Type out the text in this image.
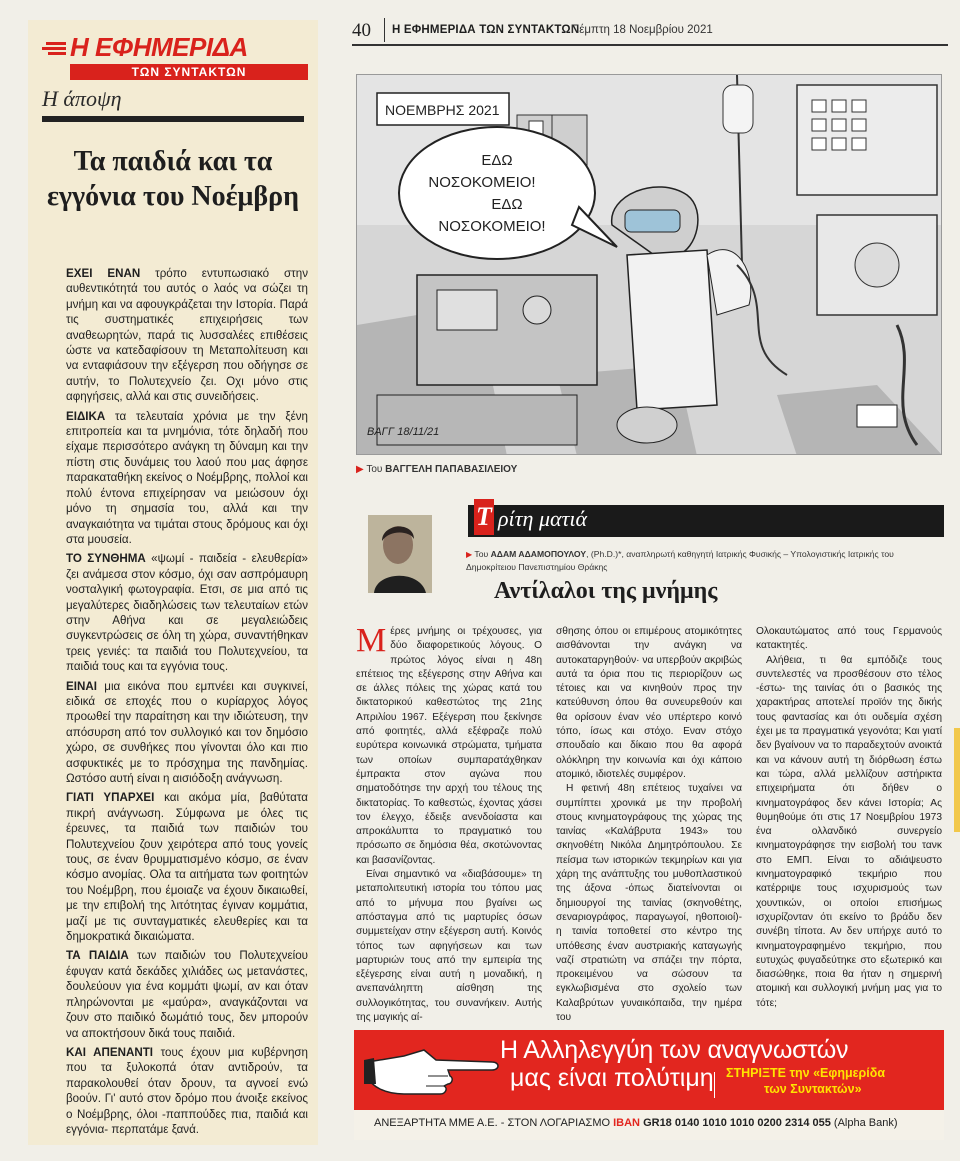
Η ΕΦΗΜΕΡΙΔΑ
ΤΩΝ ΣΥΝΤΑΚΤΩΝ
Η άποψη
Τα παιδιά και τα εγγόνια του Νοέμβρη

ΕΧΕΙ ΕΝΑΝ τρόπο εντυπωσιακό στην αυθεντικότητά του αυτός ο λαός να σώζει τη μνήμη και να αφουγκράζεται την Ιστορία. Παρά τις συστηματικές επιχειρήσεις των αναθεωρητών, παρά τις λυσσαλέες επιθέσεις ώστε να κατεδαφίσουν τη Μεταπολίτευση και να ενταφιάσουν την εξέγερση που οδήγησε σε αυτήν, το Πολυτεχνείο ζει. Οχι μόνο στις αφηγήσεις, αλλά και στις συνειδήσεις.

ΕΙΔΙΚΑ τα τελευταία χρόνια με την ξένη επιτροπεία και τα μνημόνια, τότε δηλαδή που είχαμε περισσότερο ανάγκη τη δύναμη και την πίστη στις δυνάμεις του λαού που μας άφησε παρακαταθήκη εκείνος ο Νοέμβρης, πολλοί και πολύ έντονα επιχείρησαν να μειώσουν όχι μόνο τη σημασία του, αλλά και την αναγκαιότητα να τιμάται στους δρόμους και όχι στα μουσεία.

ΤΟ ΣΥΝΘΗΜΑ «ψωμί - παιδεία - ελευθερία» ζει ανάμεσα στον κόσμο, όχι σαν ασπρόμαυρη νοσταλγική φωτογραφία. Ετσι, σε μια από τις μεγαλύτερες διαδηλώσεις των τελευταίων ετών στην Αθήνα και σε μεγαλειώδεις συγκεντρώσεις σε όλη τη χώρα, συναντήθηκαν τρεις γενιές: τα παιδιά του Πολυτεχνείου, τα παιδιά τους και τα εγγόνια τους.

ΕΙΝΑΙ μια εικόνα που εμπνέει και συγκινεί, ειδικά σε εποχές που ο κυρίαρχος λόγος προωθεί την παραίτηση και την ιδιώτευση, την απόσυρση από τον συλλογικό και τον δημόσιο χώρο, σε συνθήκες που γίνονται όλο και πιο ασφυκτικές με το πρόσχημα της πανδημίας. Ωστόσο αυτή είναι η αισιόδοξη ανάγνωση.

ΓΙΑΤΙ ΥΠΑΡΧΕΙ και ακόμα μία, βαθύτατα πικρή ανάγνωση. Σύμφωνα με όλες τις έρευνες, τα παιδιά των παιδιών του Πολυτεχνείου ζουν χειρότερα από τους γονείς τους, σε έναν θρυμματισμένο κόσμο, σε έναν κόσμο ανομίας. Ολα τα αιτήματα των φοιτητών του Νοέμβρη, που έμοιαζε να έχουν δικαιωθεί, με την επιβολή της λιτότητας έγιναν κομμάτια, μαζί με τις συνταγματικές ελευθερίες και τα δημοκρατικά δικαιώματα.

ΤΑ ΠΑΙΔΙΑ των παιδιών του Πολυτεχνείου έφυγαν κατά δεκάδες χιλιάδες ως μετανάστες, δουλεύουν για ένα κομμάτι ψωμί, αν και όταν πληρώνονται με «μαύρα», αναγκάζονται να ζουν στο παιδικό δωμάτιό τους, δεν μπορούν να αποκτήσουν δικά τους παιδιά.

ΚΑΙ ΑΠΕΝΑΝΤΙ τους έχουν μια κυβέρνηση που τα ξυλοκοπά όταν αντιδρούν, τα παρακολουθεί όταν δρουν, τα αγνοεί ενώ βοούν. Γι' αυτό στον δρόμο που άνοιξε εκείνος ο Νοέμβρης, όλοι -παππούδες πια, παιδιά και εγγόνια- περπατάμε ξανά.

40 Η ΕΦΗΜΕΡΙΔΑ ΤΩΝ ΣΥΝΤΑΚΤΩΝ
Πέμπτη 18 Νοεμβρίου 2021
ΝΟΕΜΒΡΗΣ 2021
ΕΔΩ
ΝΟΣΟΚΟΜΕΙΟ!
ΕΔΩ
ΝΟΣΟΚΟΜΕΙΟ!
ΒΑΓΓ 18/11/21
▶ Του ΒΑΓΓΕΛΗ ΠΑΠΑΒΑΣΙΛΕΙΟΥ
Τ ρίτη ματιά
▶ Του ΑΔΑΜ ΑΔΑΜΟΠΟΥΛΟΥ, (Ph.D.)*, αναπληρωτή καθηγητή Ιατρικής Φυσικής – Υπολογιστικής Ιατρικής του Δημοκρίτειου Πανεπιστημίου Θράκης
Αντίλαλοι της μνήμης

Μέρες μνήμης οι τρέχουσες, για δύο διαφορετικούς λόγους. Ο πρώτος λόγος είναι η 48η επέτειος της εξέγερσης στην Αθήνα και σε άλλες πόλεις της χώρας κατά του δικτατορικού καθεστώτος της 21ης Απριλίου 1967. Εξέγερση που ξεκίνησε από φοιτητές, αλλά εξέφραζε πολύ ευρύτερα κοινωνικά στρώματα, τμήματα των οποίων συμπαρατάχθηκαν έμπρακτα στον αγώνα που σηματοδότησε την αρχή του τέλους της δικτατορίας. Το καθεστώς, έχοντας χάσει τον έλεγχο, έδειξε ανενδοίαστα και απροκάλυπτα το πραγματικό του πρόσωπο σε δημόσια θέα, σκοτώνοντας και βασανίζοντας.

Είναι σημαντικό να «διαβάσουμε» τη μεταπολιτευτική ιστορία του τόπου μας από το μήνυμα που βγαίνει ως απόσταγμα από τις μαρτυρίες όσων συμμετείχαν στην εξέγερση αυτή. Κοινός τόπος των αφηγήσεων και των μαρτυριών τους από την εμπειρία της εξέγερσης είναι αυτή η μοναδική, η ανεπανάληπτη αίσθηση της συλλογικότητας, του συνανήκειν. Αυτής της μαγικής αί-

σθησης όπου οι επιμέρους ατομικότητες αισθάνονται την ανάγκη να αυτοκαταργηθούν· να υπερβούν ακριβώς αυτά τα όρια που τις περιορίζουν ως τέτοιες και να κινηθούν προς την κατεύθυνση όπου θα συνευρεθούν και θα ορίσουν έναν νέο υπέρτερο κοινό τόπο, ίσως και στόχο. Εναν στόχο σπουδαίο και δίκαιο που θα αφορά ολόκληρη την κοινωνία και όχι κάποιο ατομικό, ιδιοτελές συμφέρον.

Η φετινή 48η επέτειος τυχαίνει να συμπίπτει χρονικά με την προβολή στους κινηματογράφους της χώρας της ταινίας «Καλάβρυτα 1943» του σκηνοθέτη Νικόλα Δημητρόπουλου. Σε πείσμα των ιστορικών τεκμηρίων και για χάρη της ανάπτυξης του μυθοπλαστικού της άξονα -όπως διατείνονται οι δημιουργοί της ταινίας (σκηνοθέτης, σεναριογράφος, παραγωγοί, ηθοποιοί)- η ταινία τοποθετεί στο κέντρο της υπόθεσης έναν αυστριακής καταγωγής ναζί στρατιώτη να σπάζει την πόρτα, προκειμένου να σώσουν τα εγκλωβισμένα στο σχολείο των Καλαβρύτων γυναικόπαιδα, την ημέρα του

Ολοκαυτώματος από τους Γερμανούς κατακτητές.

Αλήθεια, τι θα εμπόδιζε τους συντελεστές να προσθέσουν στο τέλος -έστω- της ταινίας ότι ο βασικός της χαρακτήρας αποτελεί προϊόν της δικής τους φαντασίας και ότι ουδεμία σχέση έχει με τα πραγματικά γεγονότα; Και γιατί δεν βγαίνουν να το παραδεχτούν ανοικτά και να κάνουν αυτή τη διόρθωση έστω και τώρα, αλλά μελλίζουν αστήρικτα επιχειρήματα ότι δήθεν ο κινηματογράφος δεν κάνει Ιστορία; Ας θυμηθούμε ότι στις 17 Νοεμβρίου 1973 ένα ολλανδικό συνεργείο κινηματογράφησε την εισβολή του τανκ στο ΕΜΠ. Είναι το αδιάψευστο κινηματογραφικό τεκμήριο που κατέρριψε τους ισχυρισμούς των χουντικών, οι οποίοι επισήμως ισχυρίζονταν ότι εκείνο το βράδυ δεν συνέβη τίποτα. Αν δεν υπήρχε αυτό το κινηματογραφημένο τεκμήριο, που ευτυχώς φυγαδεύτηκε στο εξωτερικό και διασώθηκε, ποια θα ήταν η σημερινή ατομική και συλλογική μνήμη μας για το τότε;

Η Αλληλεγγύη των αναγνωστών
μας είναι πολύτιμη ΣΤΗΡΙΞΤΕ την «Εφημερίδα
των Συντακτών»
ΑΝΕΞΑΡΤΗΤΑ ΜΜΕ Α.Ε. - ΣΤΟΝ ΛΟΓΑΡΙΑΣΜΟ IBAN GR18 0140 1010 1010 0200 2314 055 (Alpha Bank)
